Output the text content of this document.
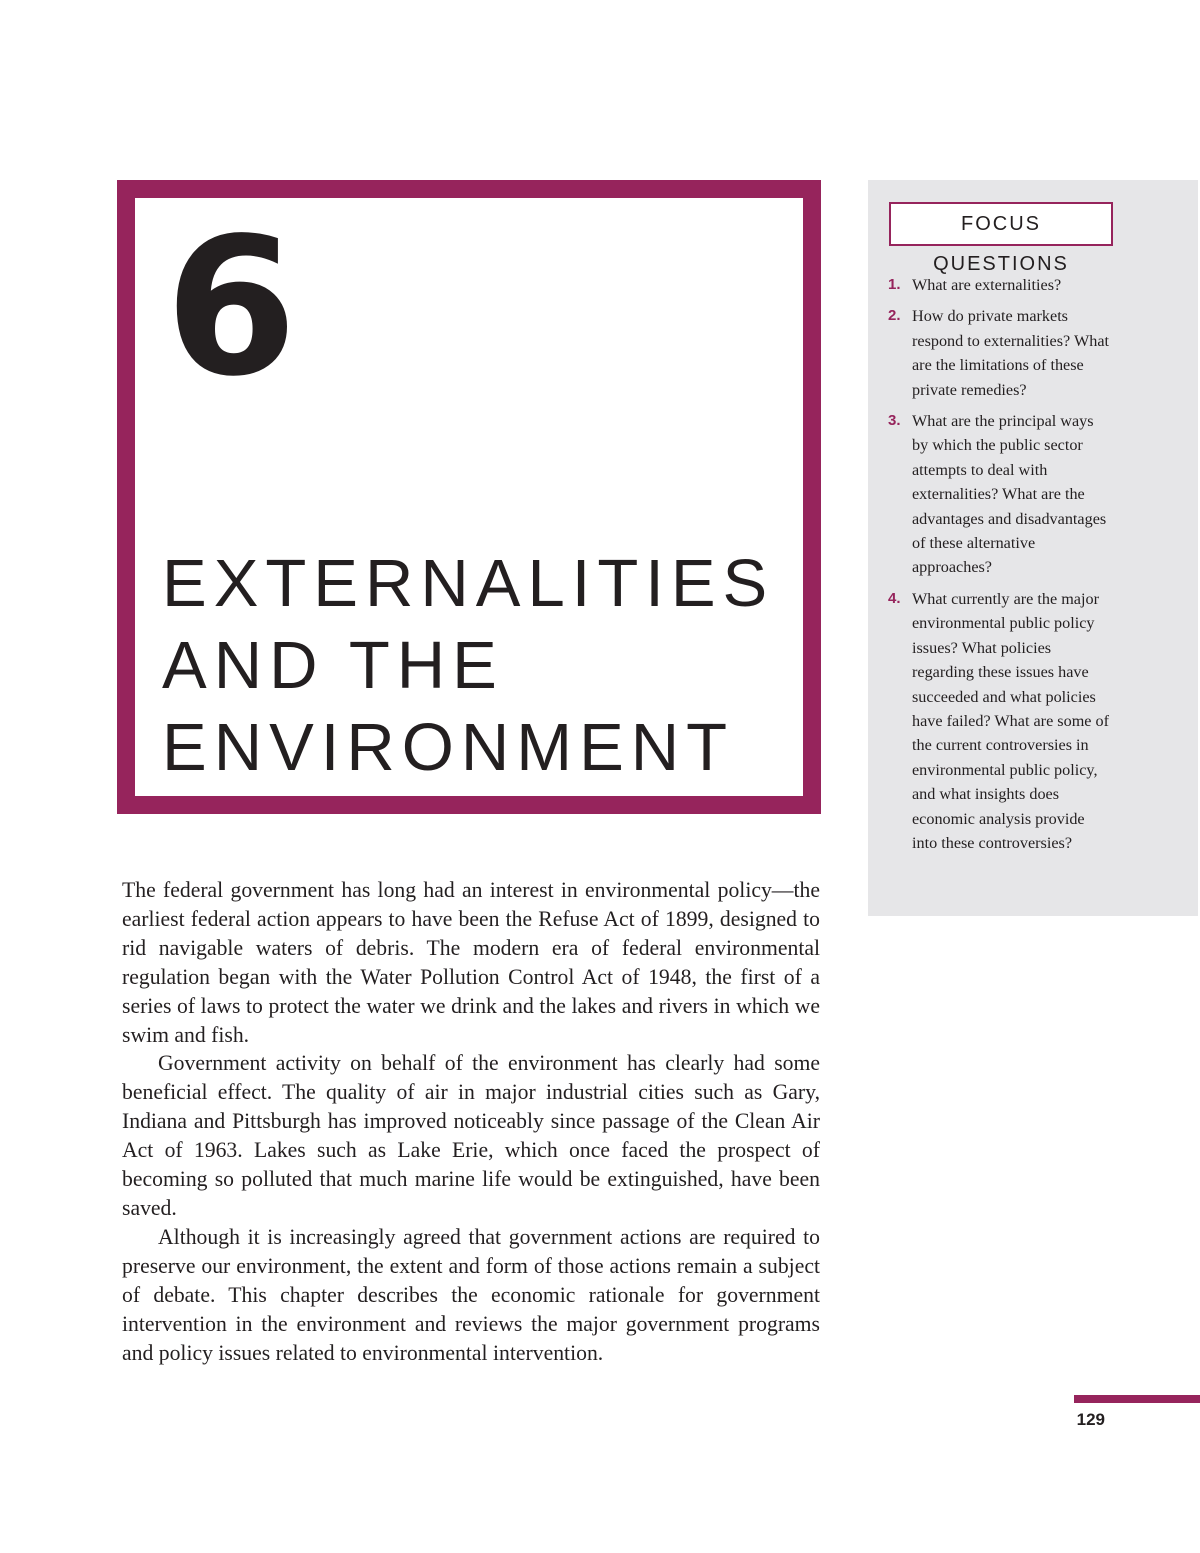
6
EXTERNALITIES
AND THE
ENVIRONMENT
FOCUS QUESTIONS
1. What are externalities?
2. How do private markets respond to externalities? What are the limitations of these private remedies?
3. What are the principal ways by which the public sector attempts to deal with externalities? What are the advantages and disadvantages of these alternative approaches?
4. What currently are the major environmental public policy issues? What policies regarding these issues have succeeded and what policies have failed? What are some of the current controversies in environmental public policy, and what insights does economic analysis provide into these controversies?

The federal government has long had an interest in environmental policy—the earliest federal action appears to have been the Refuse Act of 1899, designed to rid navigable waters of debris. The modern era of federal environmental regulation began with the Water Pollution Control Act of 1948, the first of a series of laws to protect the water we drink and the lakes and rivers in which we swim and fish.

Government activity on behalf of the environment has clearly had some beneficial effect. The quality of air in major industrial cities such as Gary, Indiana and Pittsburgh has improved noticeably since passage of the Clean Air Act of 1963. Lakes such as Lake Erie, which once faced the prospect of becoming so polluted that much marine life would be extinguished, have been saved.

Although it is increasingly agreed that government actions are required to preserve our environment, the extent and form of those actions remain a subject of debate. This chapter describes the economic rationale for government intervention in the environment and reviews the major government programs and policy issues related to environmental intervention.

129
